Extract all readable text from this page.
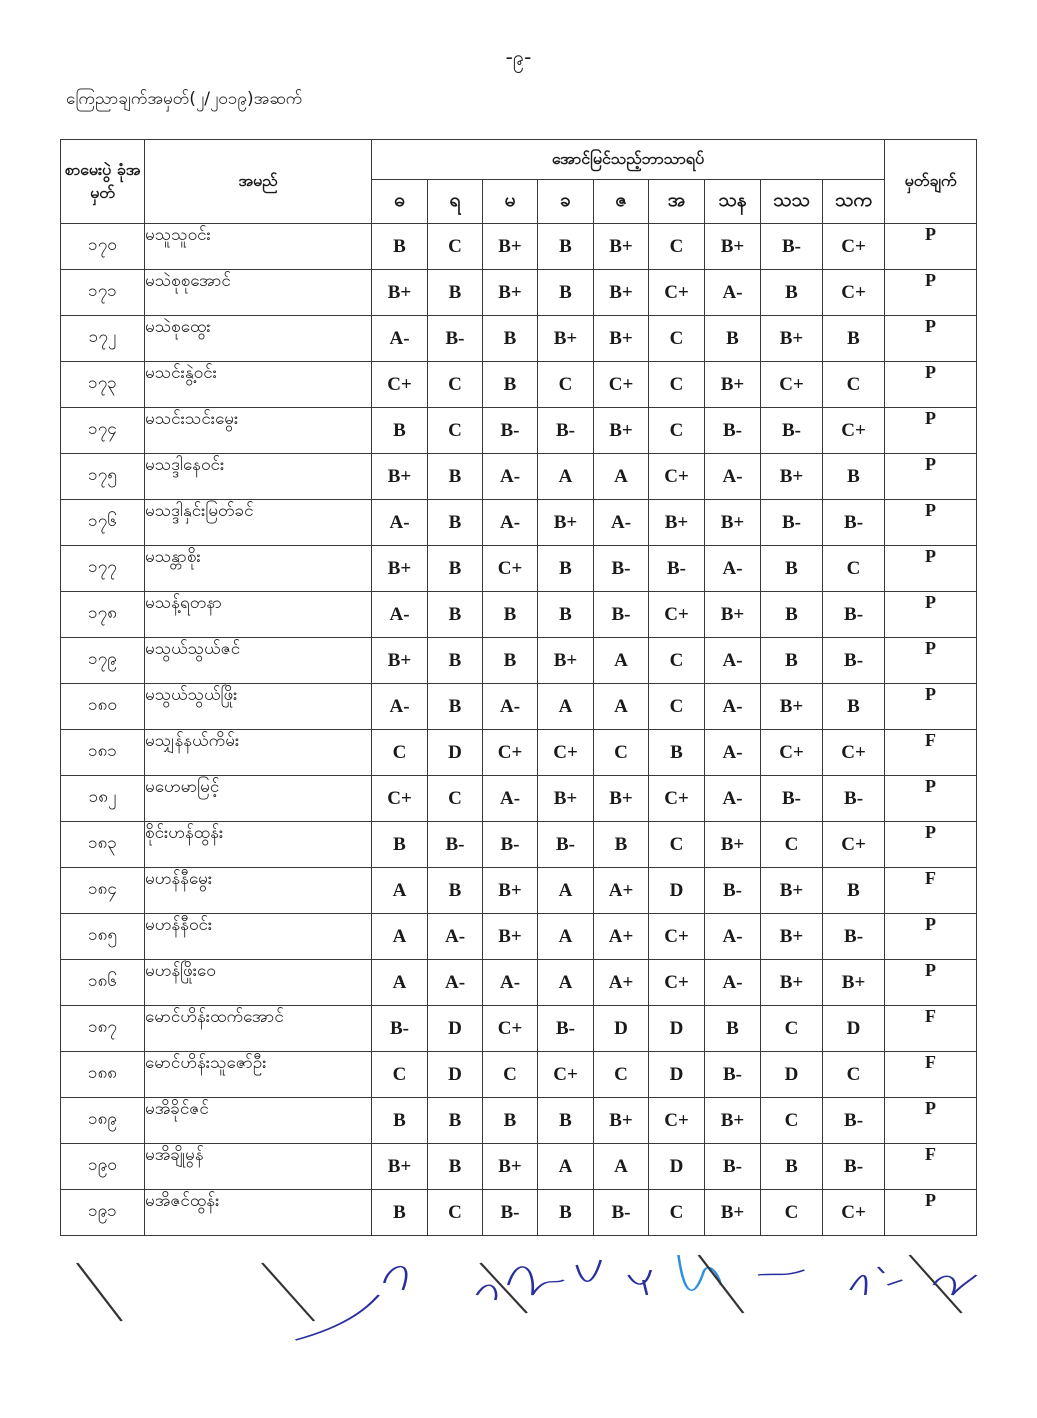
-၉-
ကြေညာချက်အမှတ်(၂/၂၀၁၉)အဆက်
စာမေးပွဲ ခုံအမှတ်	အမည်	အောင်မြင်သည့်ဘာသာရပ်									မှတ်ချက်
		ဓ	ရ	မ	ခ	ဇ	အ	သန	သသ	သက	
၁၇၀	မသူသူဝင်း	B	C	B+	B	B+	C	B+	B-	C+	P
၁၇၁	မသဲစုစုအောင်	B+	B	B+	B	B+	C+	A-	B	C+	P
၁၇၂	မသဲစုထွေး	A-	B-	B	B+	B+	C	B	B+	B	P
၁၇၃	မသင်းနွဲ့ဝင်း	C+	C	B	C	C+	C	B+	C+	C	P
၁၇၄	မသင်းသင်းမွေး	B	C	B-	B-	B+	C	B-	B-	C+	P
၁၇၅	မသဒ္ဒါနေဝင်း	B+	B	A-	A	A	C+	A-	B+	B	P
၁၇၆	မသဒ္ဒါနှင်းမြတ်ခင်	A-	B	A-	B+	A-	B+	B+	B-	B-	P
၁၇၇	မသန္တာစိုး	B+	B	C+	B	B-	B-	A-	B	C	P
၁၇၈	မသန့်ရတနာ	A-	B	B	B	B-	C+	B+	B	B-	P
၁၇၉	မသွယ်သွယ်ဇင်	B+	B	B	B+	A	C	A-	B	B-	P
၁၈၀	မသွယ်သွယ်ဖြိုး	A-	B	A-	A	A	C	A-	B+	B	P
၁၈၁	မသျှန်နယ်ကိမ်း	C	D	C+	C+	C	B	A-	C+	C+	F
၁၈၂	မဟေမာမြင့်	C+	C	A-	B+	B+	C+	A-	B-	B-	P
၁၈၃	စိုင်းဟန်ထွန်း	B	B-	B-	B-	B	C	B+	C	C+	P
၁၈၄	မဟန်နီမွေး	A	B	B+	A	A+	D	B-	B+	B	F
၁၈၅	မဟန်နီဝင်း	A	A-	B+	A	A+	C+	A-	B+	B-	P
၁၈၆	မဟန်ဖြိုးဝေ	A	A-	A-	A	A+	C+	A-	B+	B+	P
၁၈၇	မောင်ဟိန်းထက်အောင်	B-	D	C+	B-	D	D	B	C	D	F
၁၈၈	မောင်ဟိန်းသူဇော်ဦး	C	D	C	C+	C	D	B-	D	C	F
၁၈၉	မအိခိုင်ဇင်	B	B	B	B	B+	C+	B+	C	B-	P
၁၉၀	မအိချိုမွန်	B+	B	B+	A	A	D	B-	B	B-	F
၁၉၁	မအိဇင်ထွန်း	B	C	B-	B	B-	C	B+	C	C+	P
